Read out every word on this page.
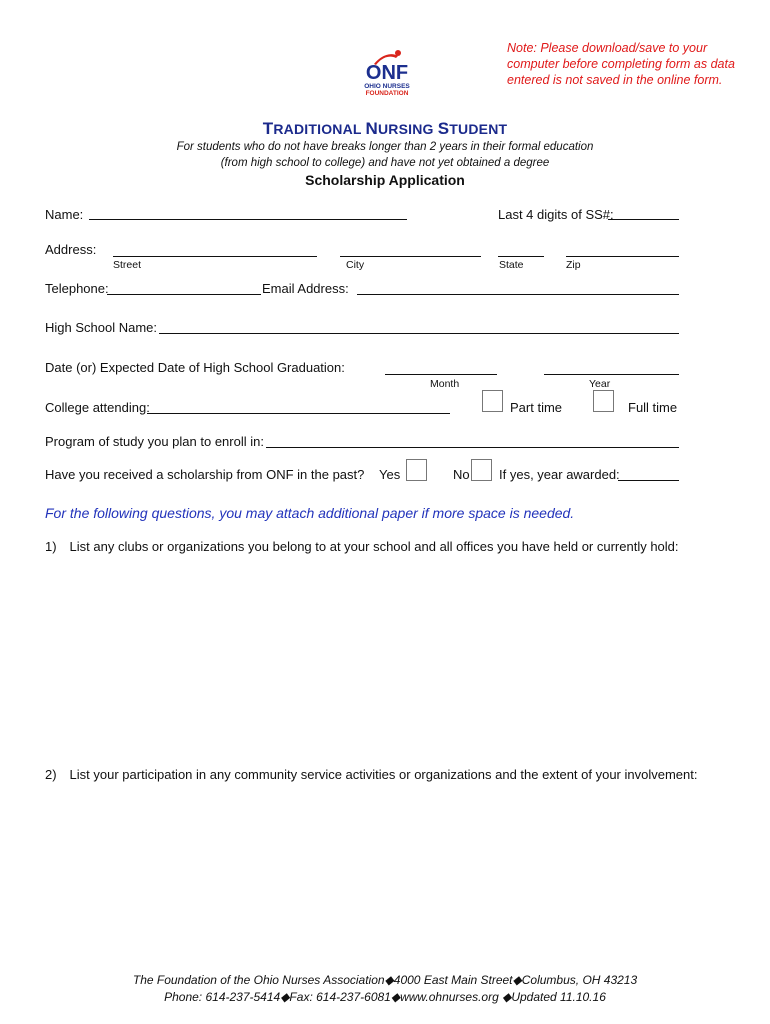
Note: Please download/save to your
computer before completing form as data
entered is not saved in the online form.
ONF
OHIO NURSES
FOUNDATION
TRADITIONAL NURSING STUDENT
For students who do not have breaks longer than 2 years in their formal education
(from high school to college) and have not yet obtained a degree
Scholarship Application
Name:	Last 4 digits of SS#:
Address:
Street	City	State	Zip
Telephone:	Email Address:
High School Name:
Date (or) Expected Date of High School Graduation:
Month	Year
College attending:	Part time	Full time
Program of study you plan to enroll in:
Have you received a scholarship from ONF in the past? Yes	No If yes, year awarded:
For the following questions, you may attach additional paper if more space is needed.
1) List any clubs or organizations you belong to at your school and all offices you have held or currently hold:
2) List your participation in any community service activities or organizations and the extent of your involvement:
The Foundation of the Ohio Nurses Association◆4000 East Main Street◆Columbus, OH 43213
Phone: 614-237-5414◆Fax: 614-237-6081◆www.ohnurses.org ◆Updated 11.10.16
